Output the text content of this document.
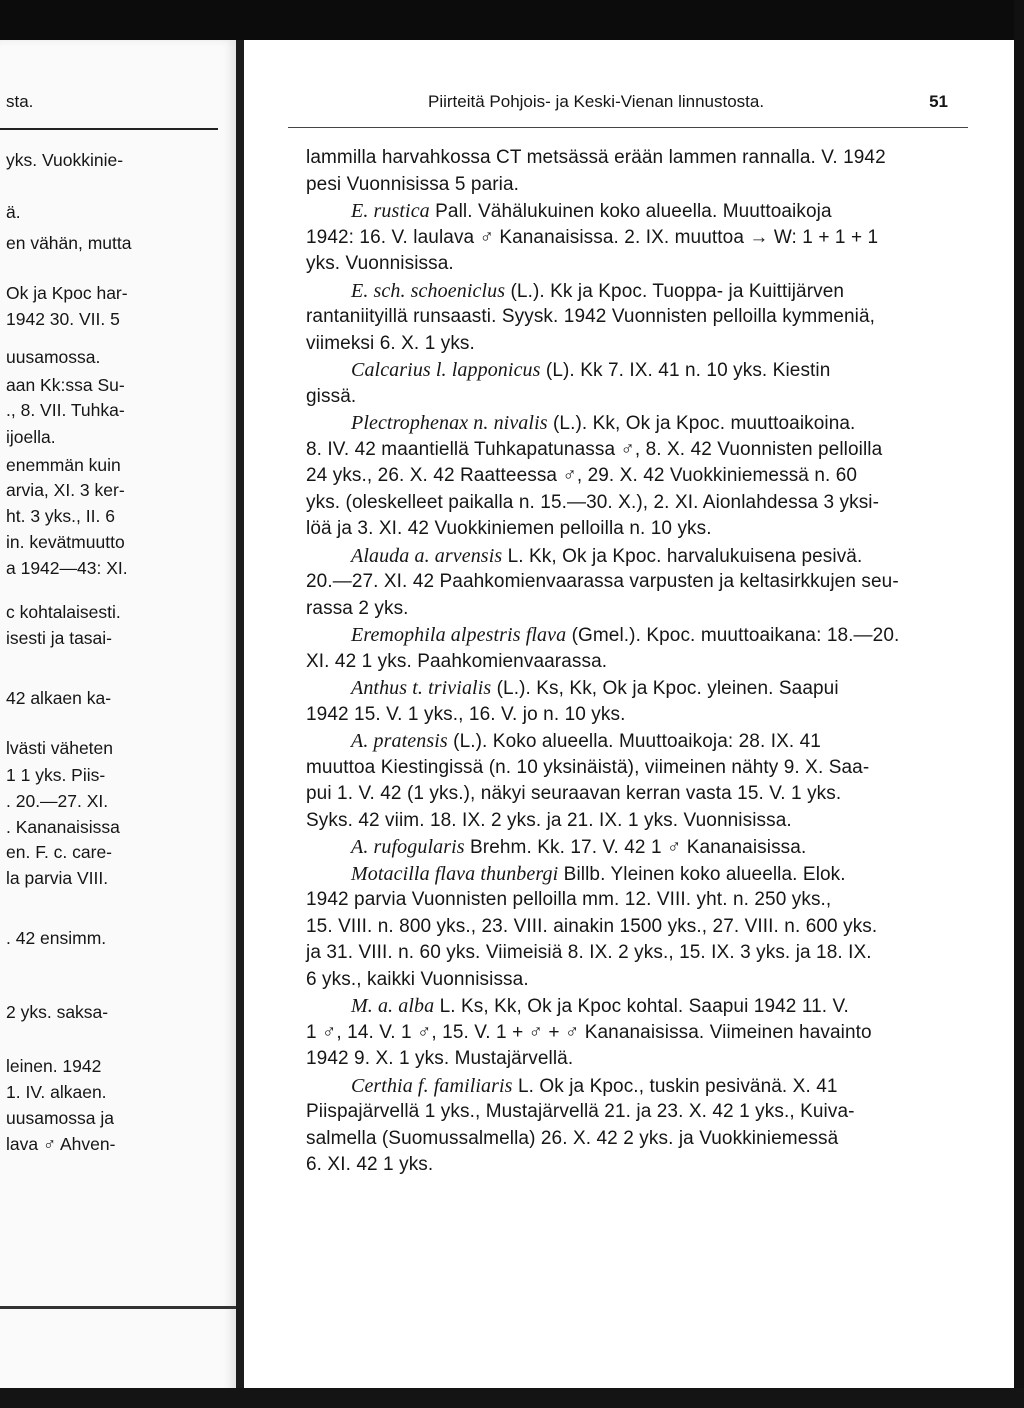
sta.
yks. Vuokkinie-
ä.
en vähän, mutta
Ok ja Kpoc har-
1942 30. VII. 5
uusamossa.
aan Kk:ssa Su-
., 8. VII. Tuhka-
ijoella.
enemmän kuin
arvia, XI. 3 ker-
ht. 3 yks., II. 6
in. kevätmuutto
a 1942—43: XI.
c kohtalaisesti.
isesti ja tasai-
42 alkaen ka-
lvästi väheten
1 1 yks. Piis-
. 20.—27. XI.
. Kananaisissa
en. F. c. care-
la parvia VIII.
. 42 ensimm.
2 yks. saksa-
leinen. 1942
1. IV. alkaen.
uusamossa ja
lava ♂ Ahven-
Piirteitä Pohjois- ja Keski-Vienan linnustosta.	51
lammilla harvahkossa CT metsässä erään lammen rannalla. V. 1942
pesi Vuonnisissa 5 paria.
E. rustica Pall. Vähälukuinen koko alueella. Muuttoaikoja
1942: 16. V. laulava ♂ Kananaisissa. 2. IX. muuttoa → W: 1 + 1 + 1
yks. Vuonnisissa.
E. sch. schoeniclus (L.). Kk ja Kpoc. Tuoppa- ja Kuittijärven
rantaniityillä runsaasti. Syysk. 1942 Vuonnisten pelloilla kymmeniä,
viimeksi 6. X. 1 yks.
Calcarius l. lapponicus (L). Kk 7. IX. 41 n. 10 yks. Kiestin
gissä.
Plectrophenax n. nivalis (L.). Kk, Ok ja Kpoc. muuttoaikoina.
8. IV. 42 maantiellä Tuhkapatunassa ♂, 8. X. 42 Vuonnisten pelloilla
24 yks., 26. X. 42 Raatteessa ♂, 29. X. 42 Vuokkiniemessä n. 60
yks. (oleskelleet paikalla n. 15.—30. X.), 2. XI. Aionlahdessa 3 yksi-
löä ja 3. XI. 42 Vuokkiniemen pelloilla n. 10 yks.
Alauda a. arvensis L. Kk, Ok ja Kpoc. harvalukuisena pesivä.
20.—27. XI. 42 Paahkomienvaarassa varpusten ja keltasirkkujen seu-
rassa 2 yks.
Eremophila alpestris flava (Gmel.). Kpoc. muuttoaikana: 18.—20.
XI. 42 1 yks. Paahkomienvaarassa.
Anthus t. trivialis (L.). Ks, Kk, Ok ja Kpoc. yleinen. Saapui
1942 15. V. 1 yks., 16. V. jo n. 10 yks.
A. pratensis (L.). Koko alueella. Muuttoaikoja: 28. IX. 41
muuttoa Kiestingissä (n. 10 yksinäistä), viimeinen nähty 9. X. Saa-
pui 1. V. 42 (1 yks.), näkyi seuraavan kerran vasta 15. V. 1 yks.
Syks. 42 viim. 18. IX. 2 yks. ja 21. IX. 1 yks. Vuonnisissa.
A. rufogularis Brehm. Kk. 17. V. 42 1 ♂ Kananaisissa.
Motacilla flava thunbergi Billb. Yleinen koko alueella. Elok.
1942 parvia Vuonnisten pelloilla mm. 12. VIII. yht. n. 250 yks.,
15. VIII. n. 800 yks., 23. VIII. ainakin 1500 yks., 27. VIII. n. 600 yks.
ja 31. VIII. n. 60 yks. Viimeisiä 8. IX. 2 yks., 15. IX. 3 yks. ja 18. IX.
6 yks., kaikki Vuonnisissa.
M. a. alba L. Ks, Kk, Ok ja Kpoc kohtal. Saapui 1942 11. V.
1 ♂, 14. V. 1 ♂, 15. V. 1 + ♂ + ♂ Kananaisissa. Viimeinen havainto
1942 9. X. 1 yks. Mustajärvellä.
Certhia f. familiaris L. Ok ja Kpoc., tuskin pesivänä. X. 41
Piispajärvellä 1 yks., Mustajärvellä 21. ja 23. X. 42 1 yks., Kuiva-
salmella (Suomussalmella) 26. X. 42 2 yks. ja Vuokkiniemessä
6. XI. 42 1 yks.
